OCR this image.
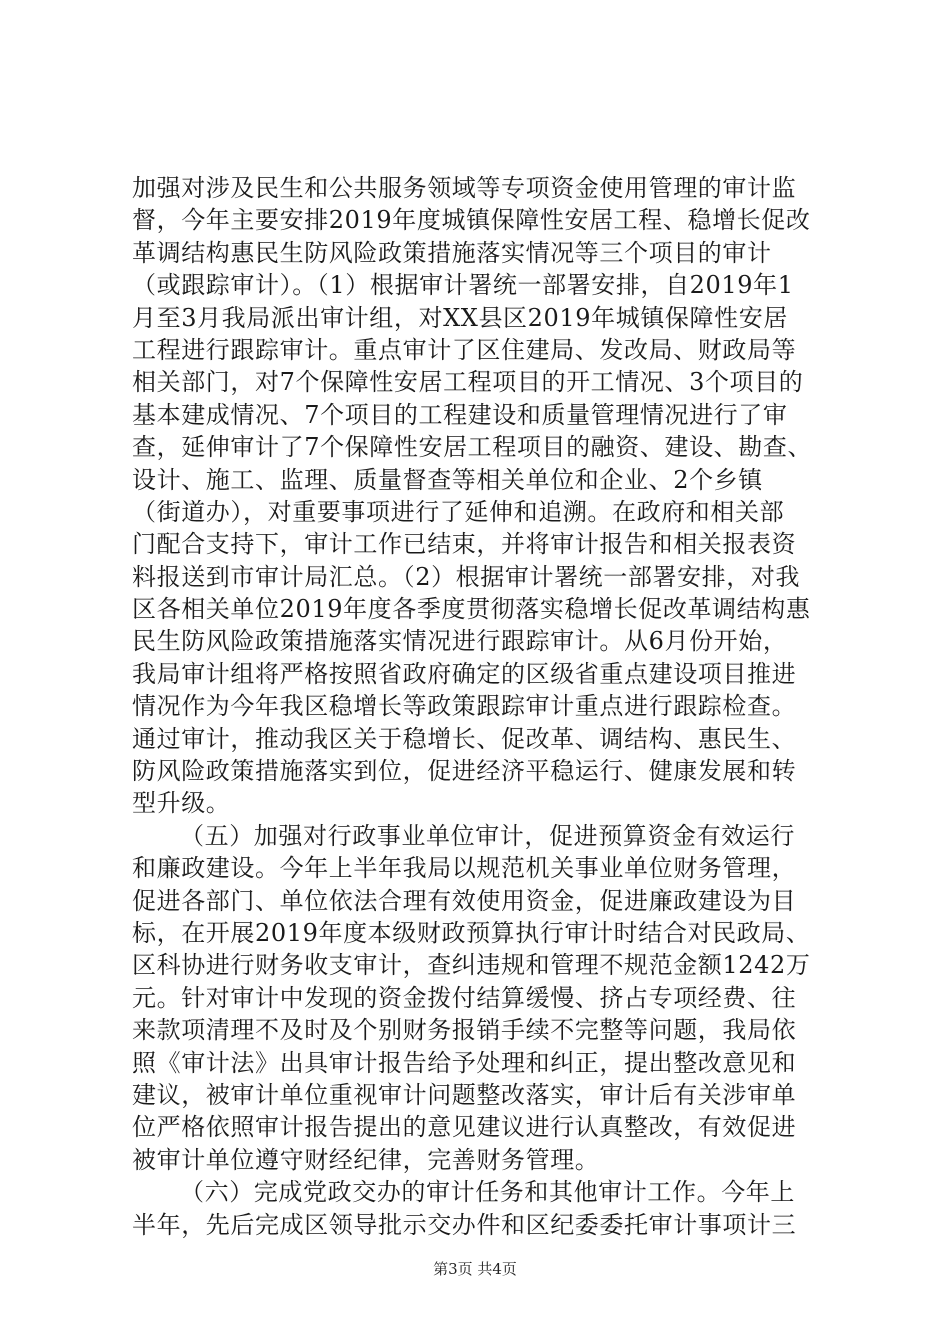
加强对涉及民生和公共服务领域等专项资金使用管理的审计监
督，今年主要安排2019年度城镇保障性安居工程、稳增长促改
革调结构惠民生防风险政策措施落实情况等三个项目的审计
（或跟踪审计）。（1）根据审计署统一部署安排，自2019年1
月至3月我局派出审计组，对XX县区2019年城镇保障性安居
工程进行跟踪审计。重点审计了区住建局、发改局、财政局等
相关部门，对7个保障性安居工程项目的开工情况、3个项目的
基本建成情况、7个项目的工程建设和质量管理情况进行了审
查，延伸审计了7个保障性安居工程项目的融资、建设、勘查、
设计、施工、监理、质量督查等相关单位和企业、2个乡镇
（街道办），对重要事项进行了延伸和追溯。在政府和相关部
门配合支持下，审计工作已结束，并将审计报告和相关报表资
料报送到市审计局汇总。（2）根据审计署统一部署安排，对我
区各相关单位2019年度各季度贯彻落实稳增长促改革调结构惠
民生防风险政策措施落实情况进行跟踪审计。从6月份开始，
我局审计组将严格按照省政府确定的区级省重点建设项目推进
情况作为今年我区稳增长等政策跟踪审计重点进行跟踪检查。
通过审计，推动我区关于稳增长、促改革、调结构、惠民生、
防风险政策措施落实到位，促进经济平稳运行、健康发展和转
型升级。
（五）加强对行政事业单位审计，促进预算资金有效运行
和廉政建设。今年上半年我局以规范机关事业单位财务管理，
促进各部门、单位依法合理有效使用资金，促进廉政建设为目
标，在开展2019年度本级财政预算执行审计时结合对民政局、
区科协进行财务收支审计，查纠违规和管理不规范金额1242万
元。针对审计中发现的资金拨付结算缓慢、挤占专项经费、往
来款项清理不及时及个别财务报销手续不完整等问题，我局依
照《审计法》出具审计报告给予处理和纠正，提出整改意见和
建议，被审计单位重视审计问题整改落实，审计后有关涉审单
位严格依照审计报告提出的意见建议进行认真整改，有效促进
被审计单位遵守财经纪律，完善财务管理。
（六）完成党政交办的审计任务和其他审计工作。今年上
半年，先后完成区领导批示交办件和区纪委委托审计事项计三
第3页 共4页
